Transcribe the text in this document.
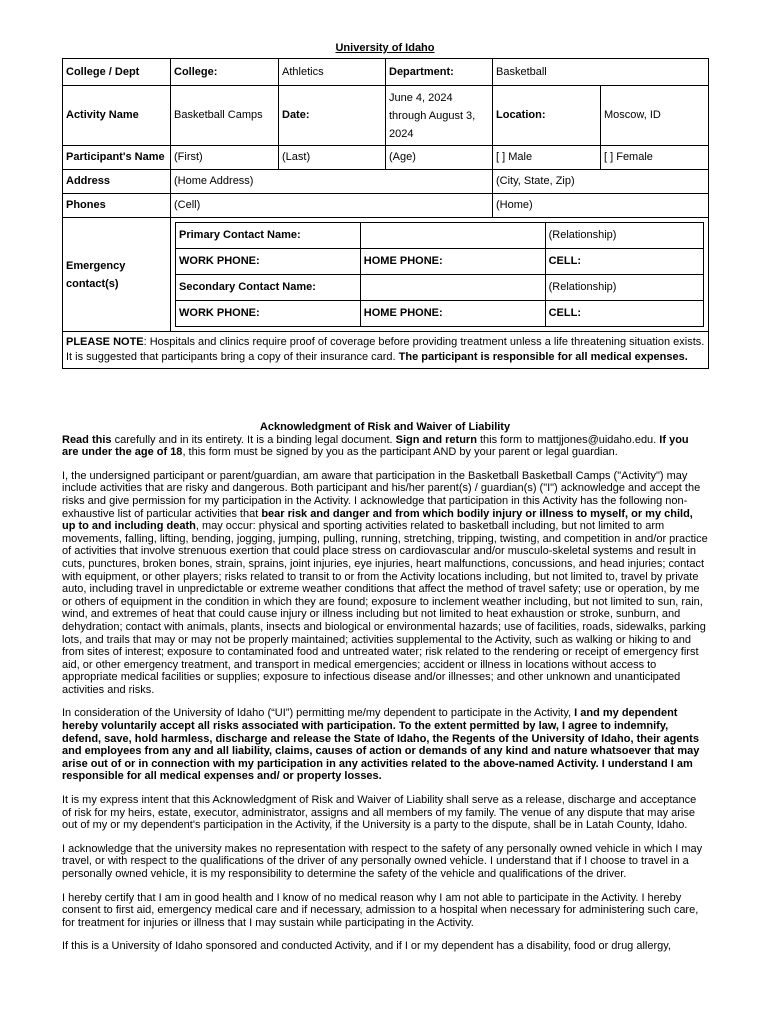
University of Idaho
College / Dept	College:	Athletics	Department:	Basketball
Activity Name	Basketball Camps	Date:	June 4, 2024 through August 3, 2024	Location:	Moscow, ID
Participant's Name	(First)	(Last)	(Age)	[ ] Male	[ ] Female
Address	(Home Address)	(City, State, Zip)
Phones	(Cell)	(Home)
Emergency contact(s)	
Primary Contact Name:		(Relationship)
WORK PHONE:	HOME PHONE:	CELL:
Secondary Contact Name:		(Relationship)
WORK PHONE:	HOME PHONE:	CELL:

PLEASE NOTE: Hospitals and clinics require proof of coverage before providing treatment unless a life threatening situation exists. It is suggested that participants bring a copy of their insurance card. The participant is responsible for all medical expenses.
Acknowledgment of Risk and Waiver of Liability

Read this carefully and in its entirety. It is a binding legal document. Sign and return this form to mattjjones@uidaho.edu. If you are under the age of 18, this form must be signed by you as the participant AND by your parent or legal guardian.

I, the undersigned participant or parent/guardian, am aware that participation in the Basketball Basketball Camps ("Activity") may include activities that are risky and dangerous. Both participant and his/her parent(s) / guardian(s) ("I") acknowledge and accept the risks and give permission for my participation in the Activity. I acknowledge that participation in this Activity has the following non-exhaustive list of particular activities that bear risk and danger and from which bodily injury or illness to myself, or my child, up to and including death, may occur: physical and sporting activities related to basketball including, but not limited to arm movements, falling, lifting, bending, jogging, jumping, pulling, running, stretching, tripping, twisting, and competition in and/or practice of activities that involve strenuous exertion that could place stress on cardiovascular and/or musculo-skeletal systems and result in cuts, punctures, broken bones, strain, sprains, joint injuries, eye injuries, heart malfunctions, concussions, and head injuries; contact with equipment, or other players; risks related to transit to or from the Activity locations including, but not limited to, travel by private auto, including travel in unpredictable or extreme weather conditions that affect the method of travel safety; use or operation, by me or others of equipment in the condition in which they are found; exposure to inclement weather including, but not limited to sun, rain, wind, and extremes of heat that could cause injury or illness including but not limited to heat exhaustion or stroke, sunburn, and dehydration; contact with animals, plants, insects and biological or environmental hazards; use of facilities, roads, sidewalks, parking lots, and trails that may or may not be properly maintained; activities supplemental to the Activity, such as walking or hiking to and from sites of interest; exposure to contaminated food and untreated water; risk related to the rendering or receipt of emergency first aid, or other emergency treatment, and transport in medical emergencies; accident or illness in locations without access to appropriate medical facilities or supplies; exposure to infectious disease and/or illnesses; and other unknown and unanticipated activities and risks.

In consideration of the University of Idaho (“UI”) permitting me/my dependent to participate in the Activity, I and my dependent hereby voluntarily accept all risks associated with participation. To the extent permitted by law, I agree to indemnify, defend, save, hold harmless, discharge and release the State of Idaho, the Regents of the University of Idaho, their agents and employees from any and all liability, claims, causes of action or demands of any kind and nature whatsoever that may arise out of or in connection with my participation in any activities related to the above-named Activity. I understand I am responsible for all medical expenses and/ or property losses.

It is my express intent that this Acknowledgment of Risk and Waiver of Liability shall serve as a release, discharge and acceptance of risk for my heirs, estate, executor, administrator, assigns and all members of my family. The venue of any dispute that may arise out of my or my dependent's participation in the Activity, if the University is a party to the dispute, shall be in Latah County, Idaho.

I acknowledge that the university makes no representation with respect to the safety of any personally owned vehicle in which I may travel, or with respect to the qualifications of the driver of any personally owned vehicle. I understand that if I choose to travel in a personally owned vehicle, it is my responsibility to determine the safety of the vehicle and qualifications of the driver.

I hereby certify that I am in good health and I know of no medical reason why I am not able to participate in the Activity. I hereby consent to first aid, emergency medical care and if necessary, admission to a hospital when necessary for administering such care, for treatment for injuries or illness that I may sustain while participating in the Activity.

If this is a University of Idaho sponsored and conducted Activity, and if I or my dependent has a disability, food or drug allergy,
